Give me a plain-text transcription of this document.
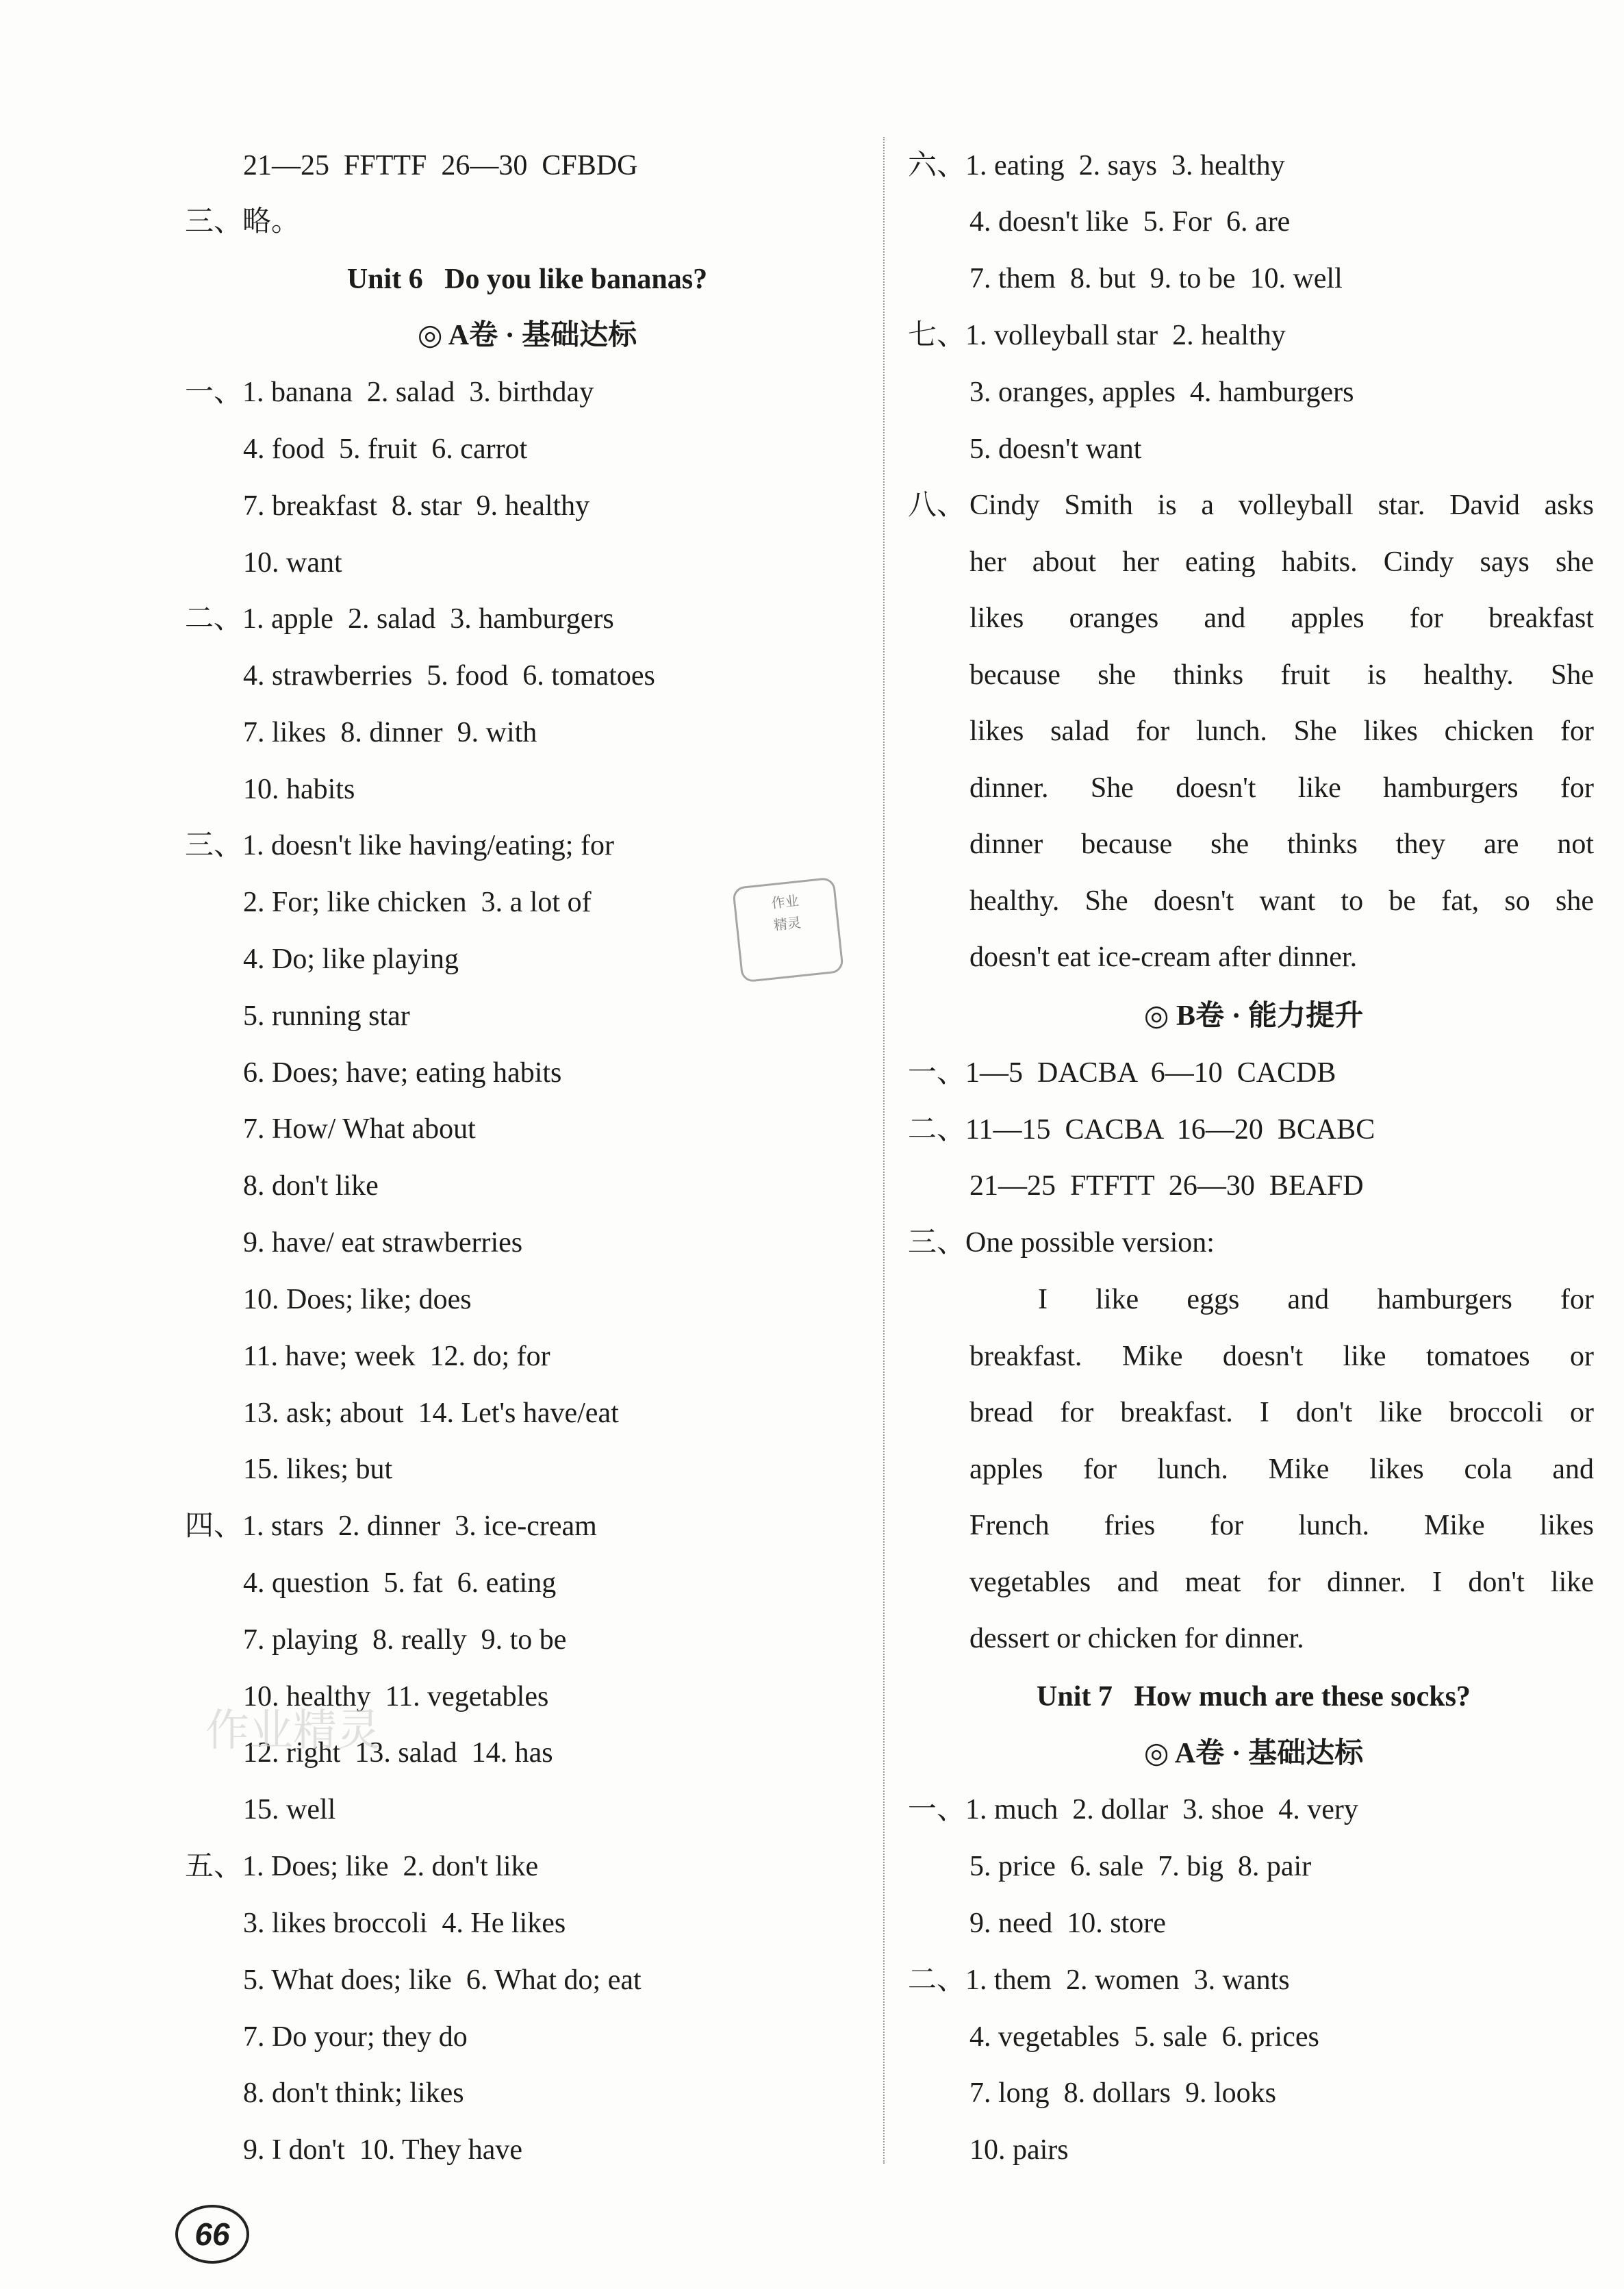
21—25  FFTTF  26—30  CFBDG
三、略。
Unit 6   Do you like bananas?
◎ A卷 · 基础达标
一、1. banana  2. salad  3. birthday
4. food  5. fruit  6. carrot
7. breakfast  8. star  9. healthy
10. want
二、1. apple  2. salad  3. hamburgers
4. strawberries  5. food  6. tomatoes
7. likes  8. dinner  9. with
10. habits
三、1. doesn't like having/eating; for
2. For; like chicken  3. a lot of
4. Do; like playing
5. running star
6. Does; have; eating habits
7. How/ What about
8. don't like
9. have/ eat strawberries
10. Does; like; does
11. have; week  12. do; for
13. ask; about  14. Let's have/eat
15. likes; but
四、1. stars  2. dinner  3. ice-cream
4. question  5. fat  6. eating
7. playing  8. really  9. to be
10. healthy  11. vegetables
12. right  13. salad  14. has
15. well
五、1. Does; like  2. don't like
3. likes broccoli  4. He likes
5. What does; like  6. What do; eat
7. Do your; they do
8. don't think; likes
9. I don't  10. They have
六、1. eating  2. says  3. healthy
4. doesn't like  5. For  6. are
7. them  8. but  9. to be  10. well
七、1. volleyball star  2. healthy
3. oranges, apples  4. hamburgers
5. doesn't want
八、 Cindy Smith is a volleyball star. David asks
her about her eating habits. Cindy says she
likes oranges and apples for breakfast
because she thinks fruit is healthy. She
likes salad for lunch. She likes chicken for
dinner. She doesn't like hamburgers for
dinner because she thinks they are not
healthy. She doesn't want to be fat, so she
doesn't eat ice-cream after dinner.
◎ B卷 · 能力提升
一、1—5  DACBA  6—10  CACDB
二、11—15  CACBA  16—20  BCABC
21—25  FTFTT  26—30  BEAFD
三、One possible version:
I like eggs and hamburgers for
breakfast. Mike doesn't like tomatoes or
bread for breakfast. I don't like broccoli or
apples for lunch. Mike likes cola and
French fries for lunch. Mike likes
vegetables and meat for dinner. I don't like
dessert or chicken for dinner.
Unit 7   How much are these socks?
◎ A卷 · 基础达标
一、1. much  2. dollar  3. shoe  4. very
5. price  6. sale  7. big  8. pair
9. need  10. store
二、1. them  2. women  3. wants
4. vegetables  5. sale  6. prices
7. long  8. dollars  9. looks
10. pairs
作业
精灵
作业精灵
66
